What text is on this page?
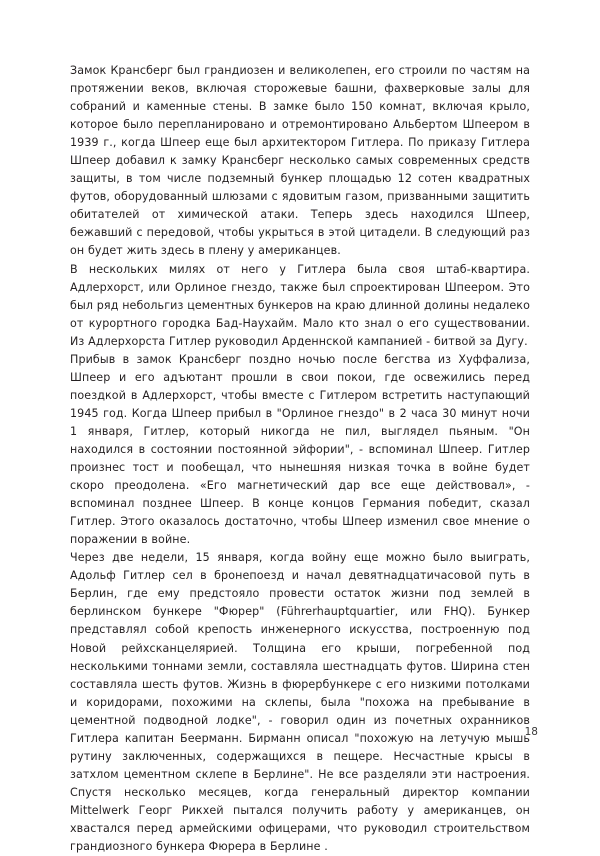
Замок Крансберг был грандиозен и великолепен, его строили по частям на протяжении веков, включая сторожевые башни, фахверковые залы для собраний и каменные стены. В замке было 150 комнат, включая крыло, которое было перепланировано и отремонтировано Альбертом Шпеером в 1939 г., когда Шпеер еще был архитектором Гитлера. По приказу Гитлера Шпеер добавил к замку Крансберг несколько самых современных средств защиты, в том числе подземный бункер площадью 12 сотен квадратных футов, оборудованный шлюзами с ядовитым газом, призванными защитить обитателей от химической атаки. Теперь здесь находился Шпеер, бежавший с передовой, чтобы укрыться в этой цитадели. В следующий раз он будет жить здесь в плену у американцев.

В нескольких милях от него у Гитлера была своя штаб-квартира. Адлерхорст, или Орлиное гнездо, также был спроектирован Шпеером. Это был ряд небольгиз цементных бункеров на краю длинной долины недалеко от курортного городка Бад-Наухайм. Мало кто знал о его существовании. Из Адлерхорста Гитлер руководил Арденнской кампанией - битвой за Дугу.

Прибыв в замок Крансберг поздно ночью после бегства из Хуффализа, Шпеер и его адъютант прошли в свои покои, где освежились перед поездкой в Адлерхорст, чтобы вместе с Гитлером встретить наступающий 1945 год. Когда Шпеер прибыл в "Орлиное гнездо" в 2 часа 30 минут ночи 1 января, Гитлер, который никогда не пил, выглядел пьяным. "Он находился в состоянии постоянной эйфории", - вспоминал Шпеер. Гитлер произнес тост и пообещал, что нынешняя низкая точка в войне будет скоро преодолена. «Его магнетический дар все еще действовал», - вспоминал позднее Шпеер. В конце концов Германия победит, сказал Гитлер. Этого оказалось достаточно, чтобы Шпеер изменил свое мнение о поражении в войне.

Через две недели, 15 января, когда войну еще можно было выиграть, Адольф Гитлер сел в бронепоезд и начал девятнадцатичасовой путь в Берлин, где ему предстояло провести остаток жизни под землей в берлинском бункере "Фюрер" (Führerhauptquartier, или FHQ). Бункер представлял собой крепость инженерного искусства, построенную под Новой рейхсканцелярией. Толщина его крыши, погребенной под несколькими тоннами земли, составляла шестнадцать футов. Ширина стен составляла шесть футов. Жизнь в фюрербункере с его низкими потолками и коридорами, похожими на склепы, была "похожа на пребывание в цементной подводной лодке", - говорил один из почетных охранников Гитлера капитан Беерманн. Бирманн описал "похожую на летучую мышь рутину заключенных, содержащихся в пещере. Несчастные крысы в затхлом цементном склепе в Берлине". Не все разделяли эти настроения. Спустя несколько месяцев, когда генеральный директор компании Mittelwerk Георг Рикхей пытался получить работу у американцев, он хвастался перед армейскими офицерами, что руководил строительством грандиозного бункера Фюрера в Берлине .

18
